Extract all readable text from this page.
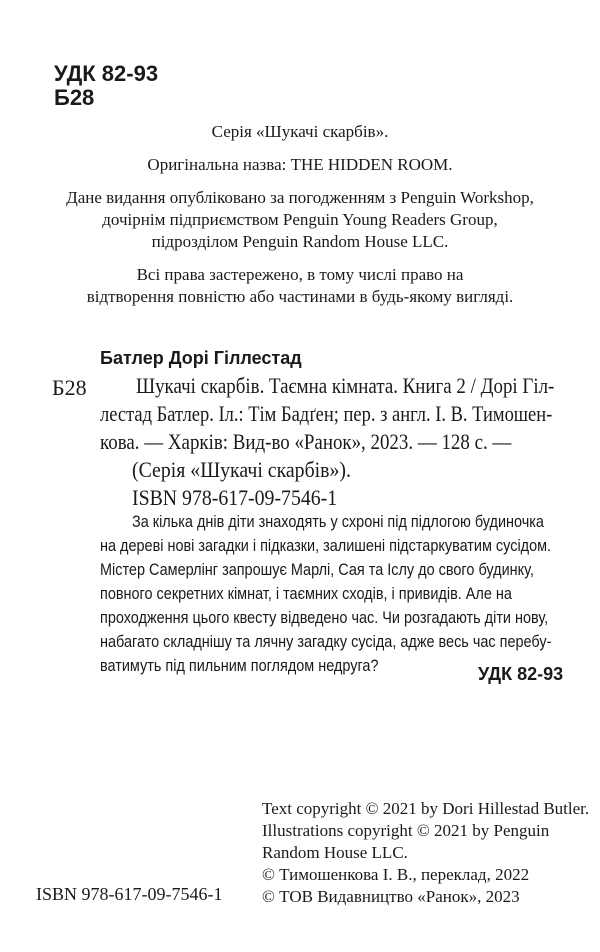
УДК 82-93
Б28
Серія «Шукачі скарбів».
Оригінальна назва: THE HIDDEN ROOM.
Дане видання опубліковано за погодженням з Penguin Workshop,
дочірнім підприємством Penguin Young Readers Group,
підрозділом Penguin Random House LLC.
Всі права застережено, в тому числі право на
відтворення повністю або частинами в будь-якому вигляді.
Батлер Дорі Гіллестад
Б28 Шукачі скарбів. Таємна кімната. Книга 2 / Дорі Гіл-
лестад Батлер. Іл.: Тім Бадґен; пер. з англ. І. В. Тимошен-
кова. — Харків: Вид-во «Ранок», 2023. — 128 с. —
(Серія «Шукачі скарбів»).
ISBN 978-617-09-7546-1
За кілька днів діти знаходять у схроні під підлогою будиночка
на дереві нові загадки і підказки, залишені підстаркуватим сусідом.
Містер Самерлінг запрошує Марлі, Сая та Іслу до свого будинку,
повного секретних кімнат, і таємних сходів, і привидів. Але на
проходження цього квесту відведено час. Чи розгадають діти нову,
набагато складнішу та лячну загадку сусіда, адже весь час перебу-
ватимуть під пильним поглядом недруга?	УДК 82-93
Text copyright © 2021 by Dori Hillestad Butler.
Illustrations copyright © 2021 by Penguin
Random House LLC.
© Тимошенкова І. В., переклад, 2022
© ТОВ Видавництво «Ранок», 2023
ISBN 978-617-09-7546-1
